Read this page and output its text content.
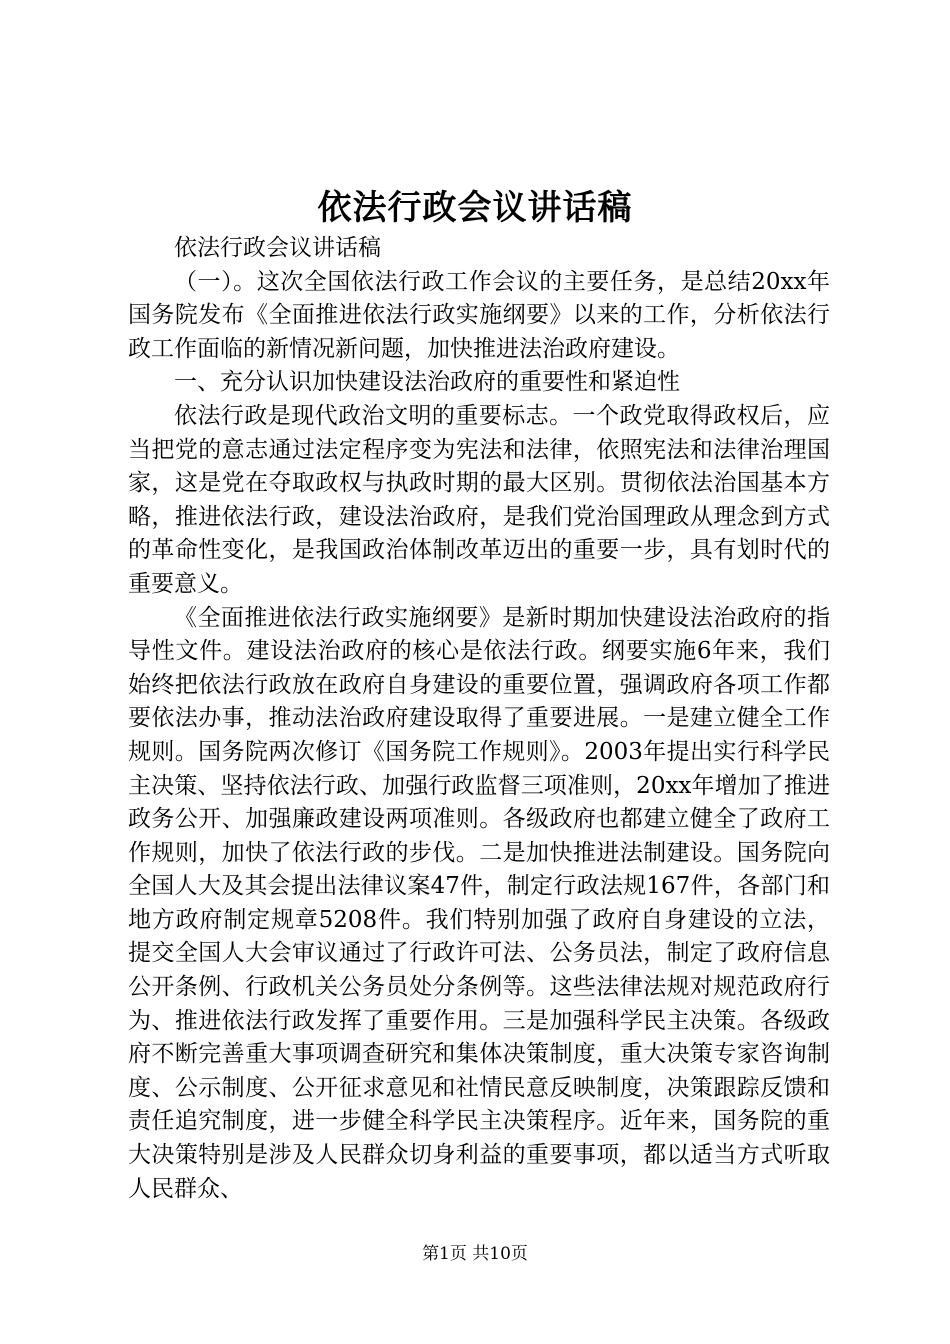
依法行政会议讲话稿

依法行政会议讲话稿

（一）。这次全国依法行政工作会议的主要任务，是总结20xx年国务院发布《全面推进依法行政实施纲要》以来的工作，分析依法行政工作面临的新情况新问题，加快推进法治政府建设。

一、充分认识加快建设法治政府的重要性和紧迫性

依法行政是现代政治文明的重要标志。一个政党取得政权后，应当把党的意志通过法定程序变为宪法和法律，依照宪法和法律治理国家，这是党在夺取政权与执政时期的最大区别。贯彻依法治国基本方略，推进依法行政，建设法治政府，是我们党治国理政从理念到方式的革命性变化，是我国政治体制改革迈出的重要一步，具有划时代的重要意义。

《全面推进依法行政实施纲要》是新时期加快建设法治政府的指导性文件。建设法治政府的核心是依法行政。纲要实施6年来，我们始终把依法行政放在政府自身建设的重要位置，强调政府各项工作都要依法办事，推动法治政府建设取得了重要进展。一是建立健全工作规则。国务院两次修订《国务院工作规则》。2003年提出实行科学民主决策、坚持依法行政、加强行政监督三项准则，20xx年增加了推进政务公开、加强廉政建设两项准则。各级政府也都建立健全了政府工作规则，加快了依法行政的步伐。二是加快推进法制建设。国务院向全国人大及其会提出法律议案47件，制定行政法规167件，各部门和地方政府制定规章5208件。我们特别加强了政府自身建设的立法，提交全国人大会审议通过了行政许可法、公务员法，制定了政府信息公开条例、行政机关公务员处分条例等。这些法律法规对规范政府行为、推进依法行政发挥了重要作用。三是加强科学民主决策。各级政府不断完善重大事项调查研究和集体决策制度，重大决策专家咨询制度、公示制度、公开征求意见和社情民意反映制度，决策跟踪反馈和责任追究制度，进一步健全科学民主决策程序。近年来，国务院的重大决策特别是涉及人民群众切身利益的重要事项，都以适当方式听取人民群众、

第1页 共10页
